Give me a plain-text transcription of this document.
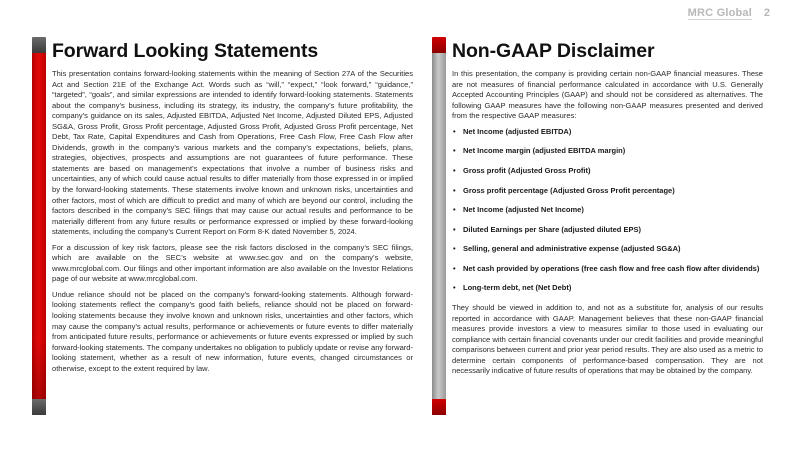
MRC Global 2
Forward Looking Statements

This presentation contains forward-looking statements within the meaning of Section 27A of the Securities Act and Section 21E of the Exchange Act. Words such as “will,” “expect,” “look forward,” “guidance,” “targeted”, “goals”, and similar expressions are intended to identify forward-looking statements. Statements about the company’s business, including its strategy, its industry, the company’s future profitability, the company’s guidance on its sales, Adjusted EBITDA, Adjusted Net Income, Adjusted Diluted EPS, Adjusted SG&A, Gross Profit, Gross Profit percentage, Adjusted Gross Profit, Adjusted Gross Profit percentage, Net Debt, Tax Rate, Capital Expenditures and Cash from Operations, Free Cash Flow, Free Cash Flow after Dividends, growth in the company’s various markets and the company’s expectations, beliefs, plans, strategies, objectives, prospects and assumptions are not guarantees of future performance. These statements are based on management’s expectations that involve a number of business risks and uncertainties, any of which could cause actual results to differ materially from those expressed in or implied by the forward-looking statements. These statements involve known and unknown risks, uncertainties and other factors, most of which are difficult to predict and many of which are beyond our control, including the factors described in the company’s SEC filings that may cause our actual results and performance to be materially different from any future results or performance expressed or implied by these forward-looking statements, including the company’s Current Report on Form 8-K dated November 5, 2024.

For a discussion of key risk factors, please see the risk factors disclosed in the company’s SEC filings, which are available on the SEC’s website at www.sec.gov and on the company’s website, www.mrcglobal.com. Our filings and other important information are also available on the Investor Relations page of our website at www.mrcglobal.com.

Undue reliance should not be placed on the company’s forward-looking statements. Although forward-looking statements reflect the company’s good faith beliefs, reliance should not be placed on forward-looking statements because they involve known and unknown risks, uncertainties and other factors, which may cause the company’s actual results, performance or achievements or future events to differ materially from anticipated future results, performance or achievements or future events expressed or implied by such forward-looking statements. The company undertakes no obligation to publicly update or revise any forward-looking statement, whether as a result of new information, future events, changed circumstances or otherwise, except to the extent required by law.

Non-GAAP Disclaimer

In this presentation, the company is providing certain non-GAAP financial measures. These are not measures of financial performance calculated in accordance with U.S. Generally Accepted Accounting Principles (GAAP) and should not be considered as alternatives. The following GAAP measures have the following non-GAAP measures presented and derived from the respective GAAP measures:

• Net Income (adjusted EBITDA)
• Net Income margin (adjusted EBITDA margin)
• Gross profit (Adjusted Gross Profit)
• Gross profit percentage (Adjusted Gross Profit percentage)
• Net Income (adjusted Net Income)
• Diluted Earnings per Share (adjusted diluted EPS)
• Selling, general and administrative expense (adjusted SG&A)
• Net cash provided by operations (free cash flow and free cash flow after dividends)
• Long-term debt, net (Net Debt)

They should be viewed in addition to, and not as a substitute for, analysis of our results reported in accordance with GAAP. Management believes that these non-GAAP financial measures provide investors a view to measures similar to those used in evaluating our compliance with certain financial covenants under our credit facilities and provide meaningful comparisons between current and prior year period results. They are also used as a metric to determine certain components of performance-based compensation. They are not necessarily indicative of future results of operations that may be obtained by the company.
